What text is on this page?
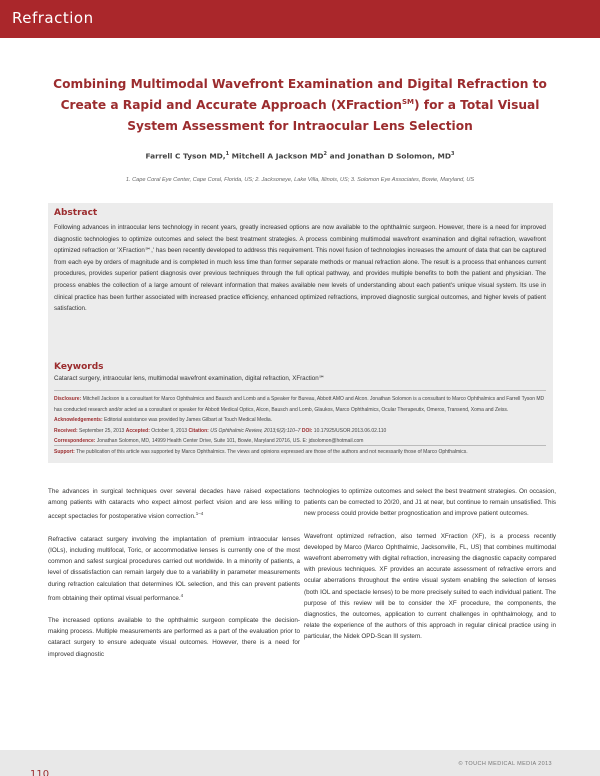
Refraction
Combining Multimodal Wavefront Examination and Digital Refraction to Create a Rapid and Accurate Approach (XFraction℠) for a Total Visual System Assessment for Intraocular Lens Selection
Farrell C Tyson MD,$^1$ Mitchell A Jackson $MD^2$ and Jonathan D Solomon, $MD^3$
1. Cape Coral Eye Center, Cape Coral, Florida, US; 2. Jacksoneye, Lake Villa, Illinois, US; 3. Solomon Eye Associates, Bowie, Maryland, US
Abstract
Following advances in intraocular lens technology in recent years, greatly increased options are now available to the ophthalmic surgeon. However, there is a need for improved diagnostic technologies to optimize outcomes and select the best treatment strategies. A process combining multimodal wavefront examination and digital refraction, wavefront optimized refraction or 'XFraction℠,' has been recently developed to address this requirement. This novel fusion of technologies increases the amount of data that can be captured from each eye by orders of magnitude and is completed in much less time than former separate methods or manual refraction alone. The result is a process that enhances current procedures, provides superior patient diagnosis over previous techniques through the full optical pathway, and provides multiple benefits to both the patient and physician. The process enables the collection of a large amount of relevant information that makes available new levels of understanding about each patient's unique visual system. Its use in clinical practice has been further associated with increased practice efficiency, enhanced optimized refractions, improved diagnostic surgical outcomes, and higher levels of patient satisfaction.
Keywords
Cataract surgery, intraocular lens, multimodal wavefront examination, digital refraction, XFraction℠
Disclosure: Mitchell Jackson is a consultant for Marco Ophthalmics and Bausch and Lomb and a Speaker for Bureau, Abbott AMO and Alcon. Jonathan Solomon is a consultant to Marco Ophthalmics and Farrell Tyson MD has conducted research and/or acted as a consultant or speaker for Abbott Medical Optics, Alcon, Bausch and Lomb, Glaukos, Marco Ophthalmics, Ocular Therapeutix, Omeros, Transend, Xoma and Zeiss.
Acknowledgements: Editorial assistance was provided by James Gilbart at Touch Medical Media.
Received: September 25, 2013 Accepted: October 9, 2013 Citation: US Ophthalmic Review, 2013;6(2):110–7 DOI: 10.17925/USOR.2013.06.02.110
Correspondence: Jonathan Solomon, MD, 14999 Health Center Drive, Suite 101, Bowie, Maryland 20716, US. E: jdsolomon@hotmail.com
Support: The publication of this article was supported by Marco Ophthalmics. The views and opinions expressed are those of the authors and not necessarily those of Marco Ophthalmics.

The advances in surgical techniques over several decades have raised expectations among patients with cataracts who expect almost perfect vision and are less willing to accept spectacles for postoperative vision correction.$^{1-4}$

Refractive cataract surgery involving the implantation of premium intraocular lenses (IOLs), including multifocal, Toric, or accommodative lenses is currently one of the most common and safest surgical procedures carried out worldwide. In a minority of patients, a level of dissatisfaction can remain largely due to a variability in parameter measurements during refraction calculation that determines IOL selection, and this can prevent patients from obtaining their optimal visual performance.$^4$

The increased options available to the ophthalmic surgeon complicate the decision-making process. Multiple measurements are performed as a part of the evaluation prior to cataract surgery to ensure adequate visual outcomes. However, there is a need for improved diagnostic

technologies to optimize outcomes and select the best treatment strategies. On occasion, patients can be corrected to 20/20, and J1 at near, but continue to remain unsatisfied. This new process could provide better prognostication and improve patient outcomes.

Wavefront optimized refraction, also termed XFraction (XF), is a process recently developed by Marco (Marco Ophthalmic, Jacksonville, FL, US) that combines multimodal wavefront aberrometry with digital refraction, increasing the diagnostic capacity compared with previous techniques. XF provides an accurate assessment of refractive errors and ocular aberrations throughout the entire visual system enabling the selection of lenses (both IOL and spectacle lenses) to be more precisely suited to each individual patient. The purpose of this review will be to consider the XF procedure, the components, the diagnostics, the outcomes, application to current challenges in ophthalmology, and to relate the experience of the authors of this approach in regular clinical practice using in particular, the Nidek OPD-Scan III system.

110
© TOUCH MEDICAL MEDIA 2013
